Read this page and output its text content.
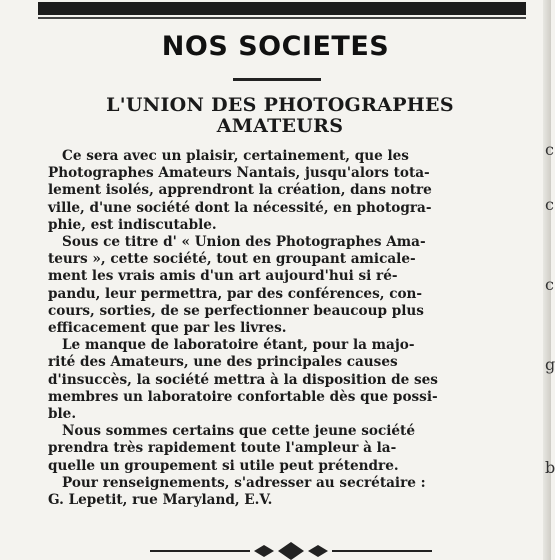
c
c
c
g
b
NOS SOCIETES
L'UNION DES PHOTOGRAPHES
AMATEURS
Ce sera avec un plaisir, certainement, que les
Photographes Amateurs Nantais, jusqu'alors tota-
lement isolés, apprendront la création, dans notre
ville, d'une société dont la nécessité, en photogra-
phie, est indiscutable.
Sous ce titre d' « Union des Photographes Ama-
teurs », cette société, tout en groupant amicale-
ment les vrais amis d'un art aujourd'hui si ré-
pandu, leur permettra, par des conférences, con-
cours, sorties, de se perfectionner beaucoup plus
efficacement que par les livres.
Le manque de laboratoire étant, pour la majo-
rité des Amateurs, une des principales causes
d'insuccès, la société mettra à la disposition de ses
membres un laboratoire confortable dès que possi-
ble.
Nous sommes certains que cette jeune société
prendra très rapidement toute l'ampleur à la-
quelle un groupement si utile peut prétendre.
Pour renseignements, s'adresser au secrétaire :
G. Lepetit, rue Maryland, E.V.
